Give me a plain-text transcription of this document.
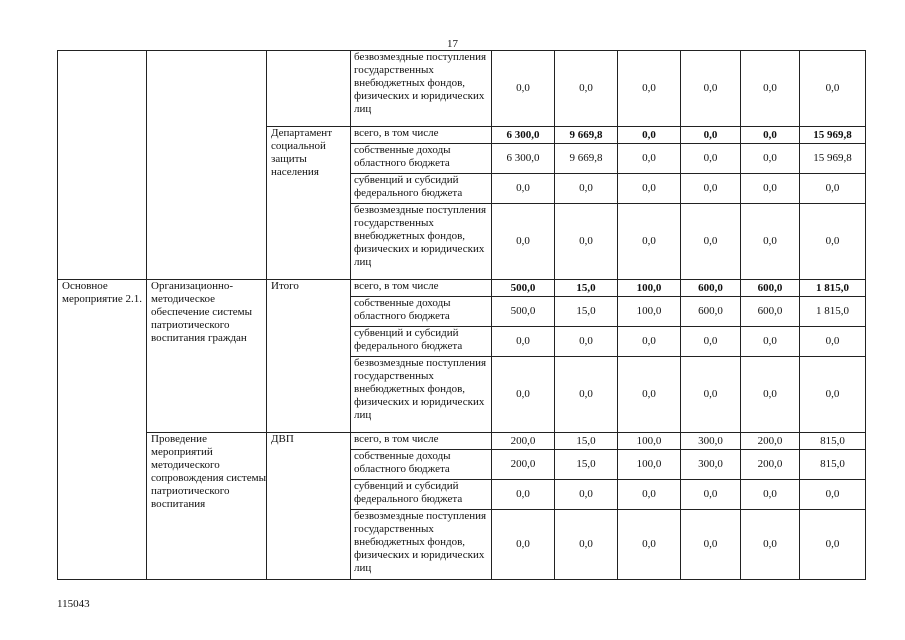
17
			безвозмездные поступления государственных внебюджетных фондов, физических и юридических лиц	0,0	0,0	0,0	0,0	0,0	0,0
		Департамент социальной защиты населения	всего, в том числе	6 300,0	9 669,8	0,0	0,0	0,0	15 969,8
			собственные доходы областного бюджета	6 300,0	9 669,8	0,0	0,0	0,0	15 969,8
			субвенций и субсидий федерального бюджета	0,0	0,0	0,0	0,0	0,0	0,0
			безвозмездные поступления государственных внебюджетных фондов, физических и юридических лиц	0,0	0,0	0,0	0,0	0,0	0,0
Основное мероприятие 2.1.	Организационно-методическое обеспечение системы патриотического воспитания граждан	Итого	всего, в том числе	500,0	15,0	100,0	600,0	600,0	1 815,0
			собственные доходы областного бюджета	500,0	15,0	100,0	600,0	600,0	1 815,0
			субвенций и субсидий федерального бюджета	0,0	0,0	0,0	0,0	0,0	0,0
			безвозмездные поступления государственных внебюджетных фондов, физических и юридических лиц	0,0	0,0	0,0	0,0	0,0	0,0
	Проведение мероприятий методического сопровождения системы патриотического воспитания	ДВП	всего, в том числе	200,0	15,0	100,0	300,0	200,0	815,0
			собственные доходы областного бюджета	200,0	15,0	100,0	300,0	200,0	815,0
			субвенций и субсидий федерального бюджета	0,0	0,0	0,0	0,0	0,0	0,0
			безвозмездные поступления государственных внебюджетных фондов, физических и юридических лиц	0,0	0,0	0,0	0,0	0,0	0,0
115043
